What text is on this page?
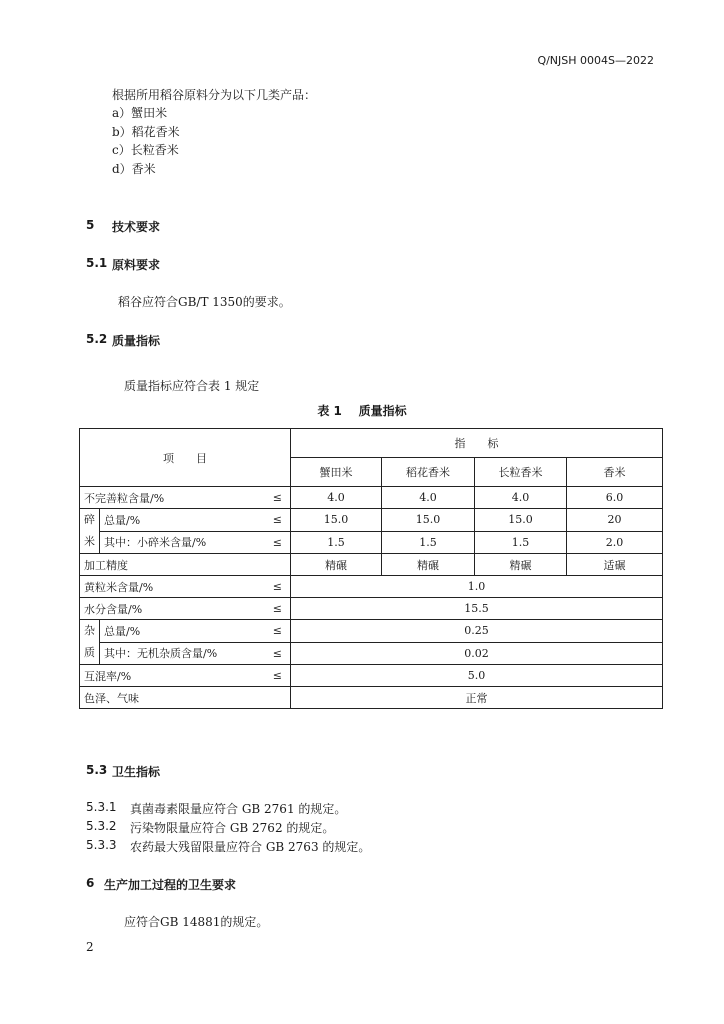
Q/NJSH 0004S—2022
根据所用稻谷原料分为以下几类产品：
a）蟹田米
b）稻花香米
c）长粒香米
d）香米
5 技术要求
5.1 原料要求
稻谷应符合GB/T 1350的要求。
5.2 质量指标
质量指标应符合表 1 规定
表 1 质量指标
项　　目		指　　标			
		蟹田米	稻花香米	长粒香米	香米

不完善粒含量/% ≤		4.0	4.0	4.0	6.0
碎米	总量/% ≤	15.0	15.0	15.0	20

	其中：小碎米含量/% ≤	1.5	1.5	1.5	2.0
加工精度		精碾	精碾	精碾	适碾

黄粒米含量/% ≤		1.0			

水分含量/% ≤		15.5			
杂质	总量/% ≤	0.25			

	其中：无机杂质含量/% ≤	0.02			

互混率/% ≤		5.0			
色泽、气味		正常			
5.3 卫生指标
5.3.1 真菌毒素限量应符合 GB 2761 的规定。
5.3.2 污染物限量应符合 GB 2762 的规定。
5.3.3 农药最大残留限量应符合 GB 2763 的规定。
6 生产加工过程的卫生要求
应符合GB 14881的规定。
2
